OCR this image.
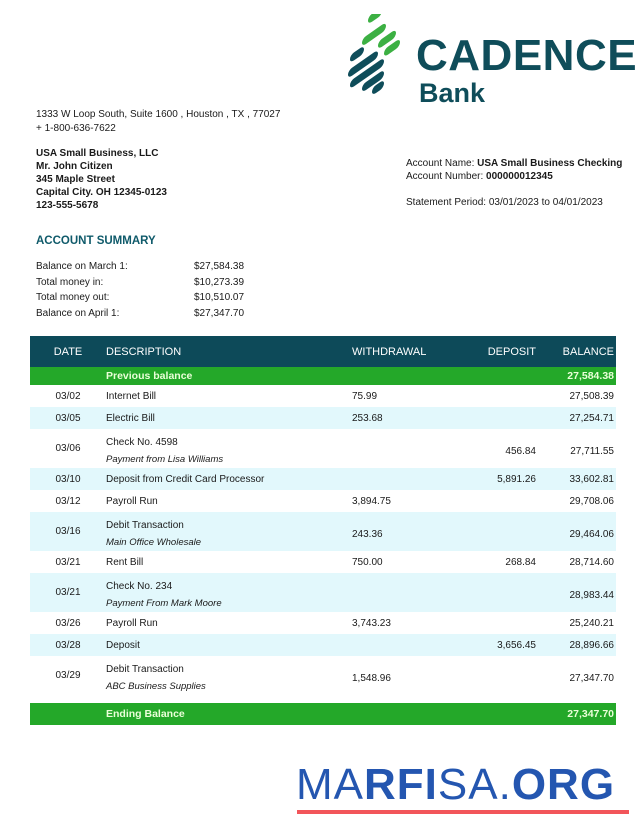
CADENCE
Bank
1333 W Loop South, Suite 1600 , Houston , TX , 77027
+ 1-800-636-7622
USA Small Business, LLC
Mr. John Citizen
345 Maple Street
Capital City. OH 12345-0123
123-555-5678
Account Name: USA Small Business Checking
Account Number: 000000012345
Statement Period: 03/01/2023 to 04/01/2023
ACCOUNT SUMMARY
Balance on March 1:	$27,584.38
Total money in:	$10,273.39
Total money out:	$10,510.07
Balance on April 1:	$27,347.70
DATE	DESCRIPTION	WITHDRAWAL	DEPOSIT	BALANCE
	Previous balance			27,584.38
03/02	Internet Bill	75.99		27,508.39
03/05	Electric Bill	253.68		27,254.71
03/06	Check No. 4598
Payment from Lisa Williams		456.84	27,711.55
03/10	Deposit from Credit Card Processor		5,891.26	33,602.81
03/12	Payroll Run	3,894.75		29,708.06
03/16	Debit Transaction
Main Office Wholesale	243.36		29,464.06
03/21	Rent Bill	750.00	268.84	28,714.60
03/21	Check No. 234
Payment From Mark Moore			28,983.44
03/26	Payroll Run	3,743.23		25,240.21
03/28	Deposit		3,656.45	28,896.66
03/29	Debit Transaction
ABC Business Supplies	1,548.96		27,347.70

	Ending Balance			27,347.70
MARFISA.ORG
